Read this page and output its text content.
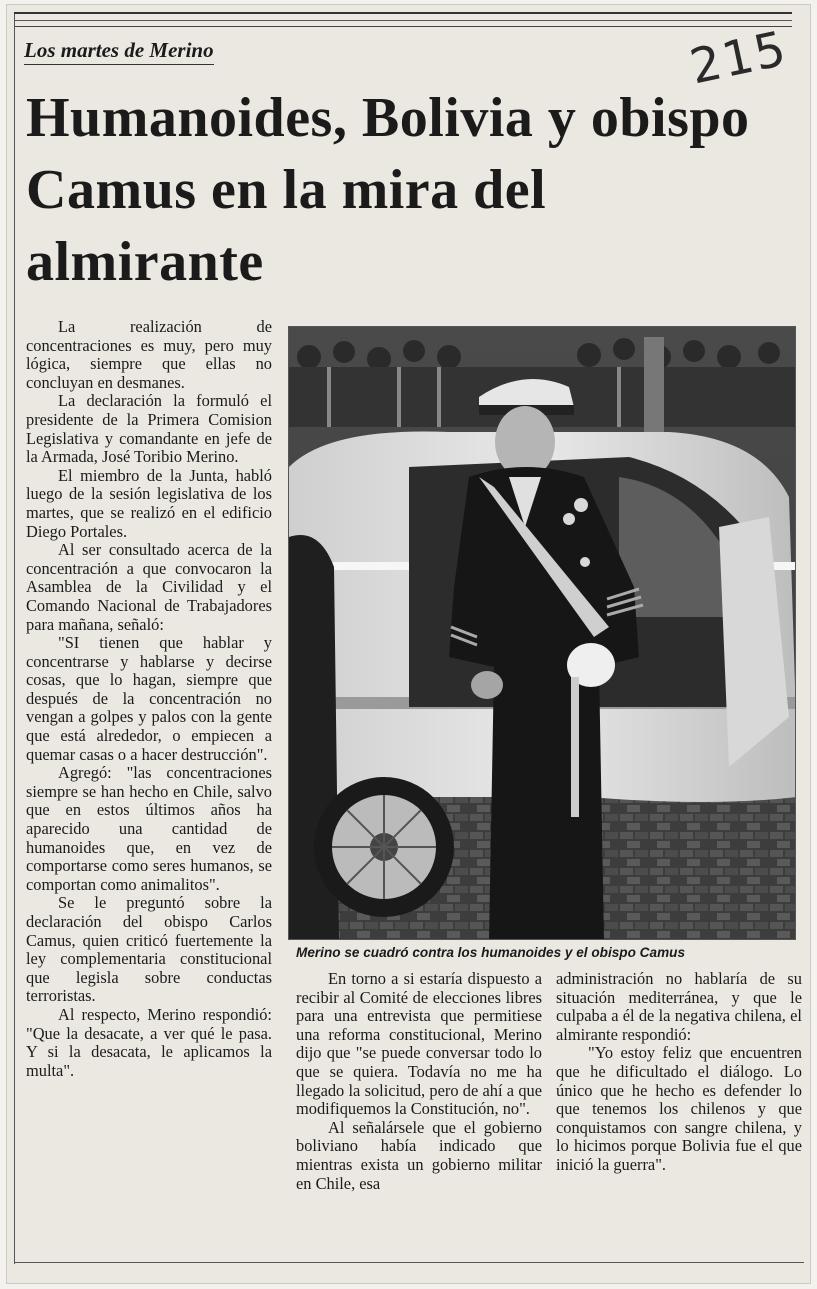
Los martes de Merino	215
Humanoides, Bolivia y obispo Camus en la mira del almirante

La realización de concentraciones es muy, pero muy lógica, siempre que ellas no concluyan en desmanes.

La declaración la formuló el presidente de la Primera Comision Legislativa y comandante en jefe de la Armada, José Toribio Merino.

El miembro de la Junta, habló luego de la sesión legislativa de los martes, que se realizó en el edificio Diego Portales.

Al ser consultado acerca de la concentración a que convocaron la Asamblea de la Civilidad y el Comando Nacional de Trabajadores para mañana, señaló:

"SI tienen que hablar y concentrarse y hablarse y decirse cosas, que lo hagan, siempre que después de la concentración no vengan a golpes y palos con la gente que está alrededor, o empiecen a quemar casas o a hacer destrucción".

Agregó: "las concentraciones siempre se han hecho en Chile, salvo que en estos últimos años ha aparecido una cantidad de humanoides que, en vez de comportarse como seres humanos, se comportan como animalitos".

Se le preguntó sobre la declaración del obispo Carlos Camus, quien criticó fuertemente la ley complementaria constitucional que legisla sobre conductas terroristas.

Al respecto, Merino respondió: "Que la desacate, a ver qué le pasa. Y si la desacata, le aplicamos la multa".

Merino se cuadró contra los humanoides y el obispo Camus

En torno a si estaría dispuesto a recibir al Comité de elecciones libres para una entrevista que permitiese una reforma constitucional, Merino dijo que "se puede conversar todo lo que se quiera. Todavía no me ha llegado la solicitud, pero de ahí a que modifiquemos la Constitución, no".

Al señalársele que el gobierno boliviano había indicado que mientras exista un gobierno militar en Chile, esa

administración no hablaría de su situación mediterránea, y que le culpaba a él de la negativa chilena, el almirante respondió:

"Yo estoy feliz que encuentren que he dificultado el diálogo. Lo único que he hecho es defender lo que tenemos los chilenos y que conquistamos con sangre chilena, y lo hicimos porque Bolivia fue el que inició la guerra".
